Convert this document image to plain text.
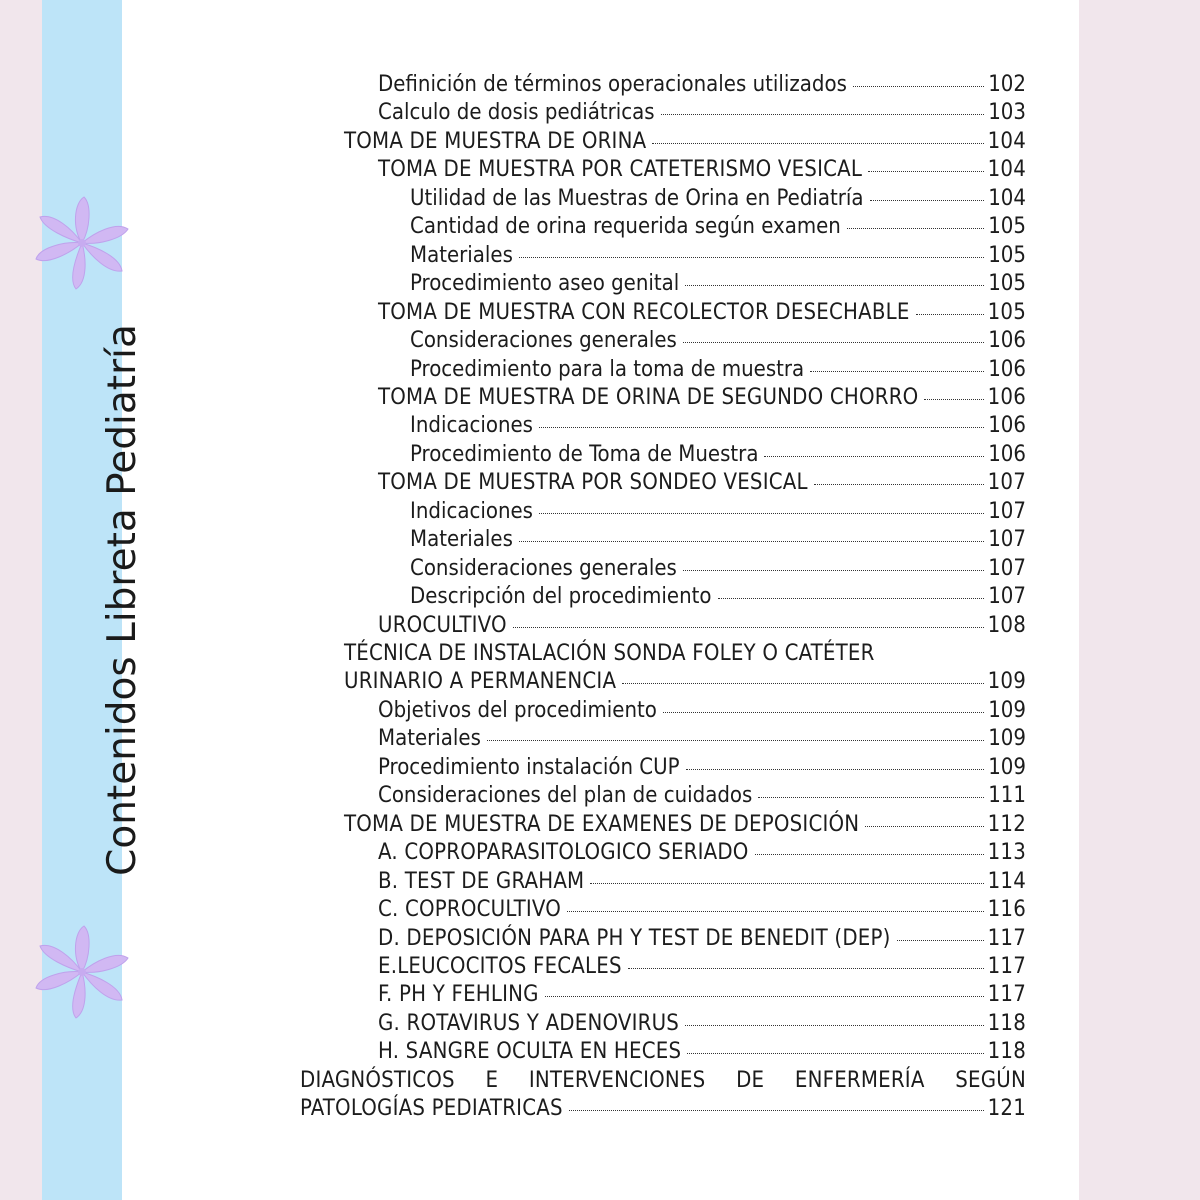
Contenidos Libreta Pediatría
Definición de términos operacionales utilizados	102
Calculo de dosis pediátricas	103
TOMA DE MUESTRA DE ORINA	104
TOMA DE MUESTRA POR CATETERISMO VESICAL	104
Utilidad de las Muestras de Orina en Pediatría	104
Cantidad de orina requerida según examen	105
Materiales	105
Procedimiento aseo genital	105
TOMA DE MUESTRA CON RECOLECTOR DESECHABLE	105
Consideraciones generales	106
Procedimiento para la toma de muestra	106
TOMA DE MUESTRA DE ORINA DE SEGUNDO CHORRO	106
Indicaciones	106
Procedimiento de Toma de Muestra	106
TOMA DE MUESTRA POR SONDEO VESICAL	107
Indicaciones	107
Materiales	107
Consideraciones generales	107
Descripción del procedimiento	107
UROCULTIVO	108
TÉCNICA DE INSTALACIÓN SONDA FOLEY O CATÉTER
URINARIO A PERMANENCIA	109
Objetivos del procedimiento	109
Materiales	109
Procedimiento instalación CUP	109
Consideraciones del plan de cuidados	111
TOMA DE MUESTRA DE EXAMENES DE DEPOSICIÓN	112
A. COPROPARASITOLOGICO SERIADO	113
B. TEST DE GRAHAM	114
C. COPROCULTIVO	116
D. DEPOSICIÓN PARA PH Y TEST DE BENEDIT (DEP)	117
E.LEUCOCITOS FECALES	117
F. PH Y FEHLING	117
G. ROTAVIRUS Y ADENOVIRUS	118
H. SANGRE OCULTA EN HECES	118
DIAGNÓSTICOS E INTERVENCIONES DE ENFERMERÍA SEGÚN
PATOLOGÍAS PEDIATRICAS	121
